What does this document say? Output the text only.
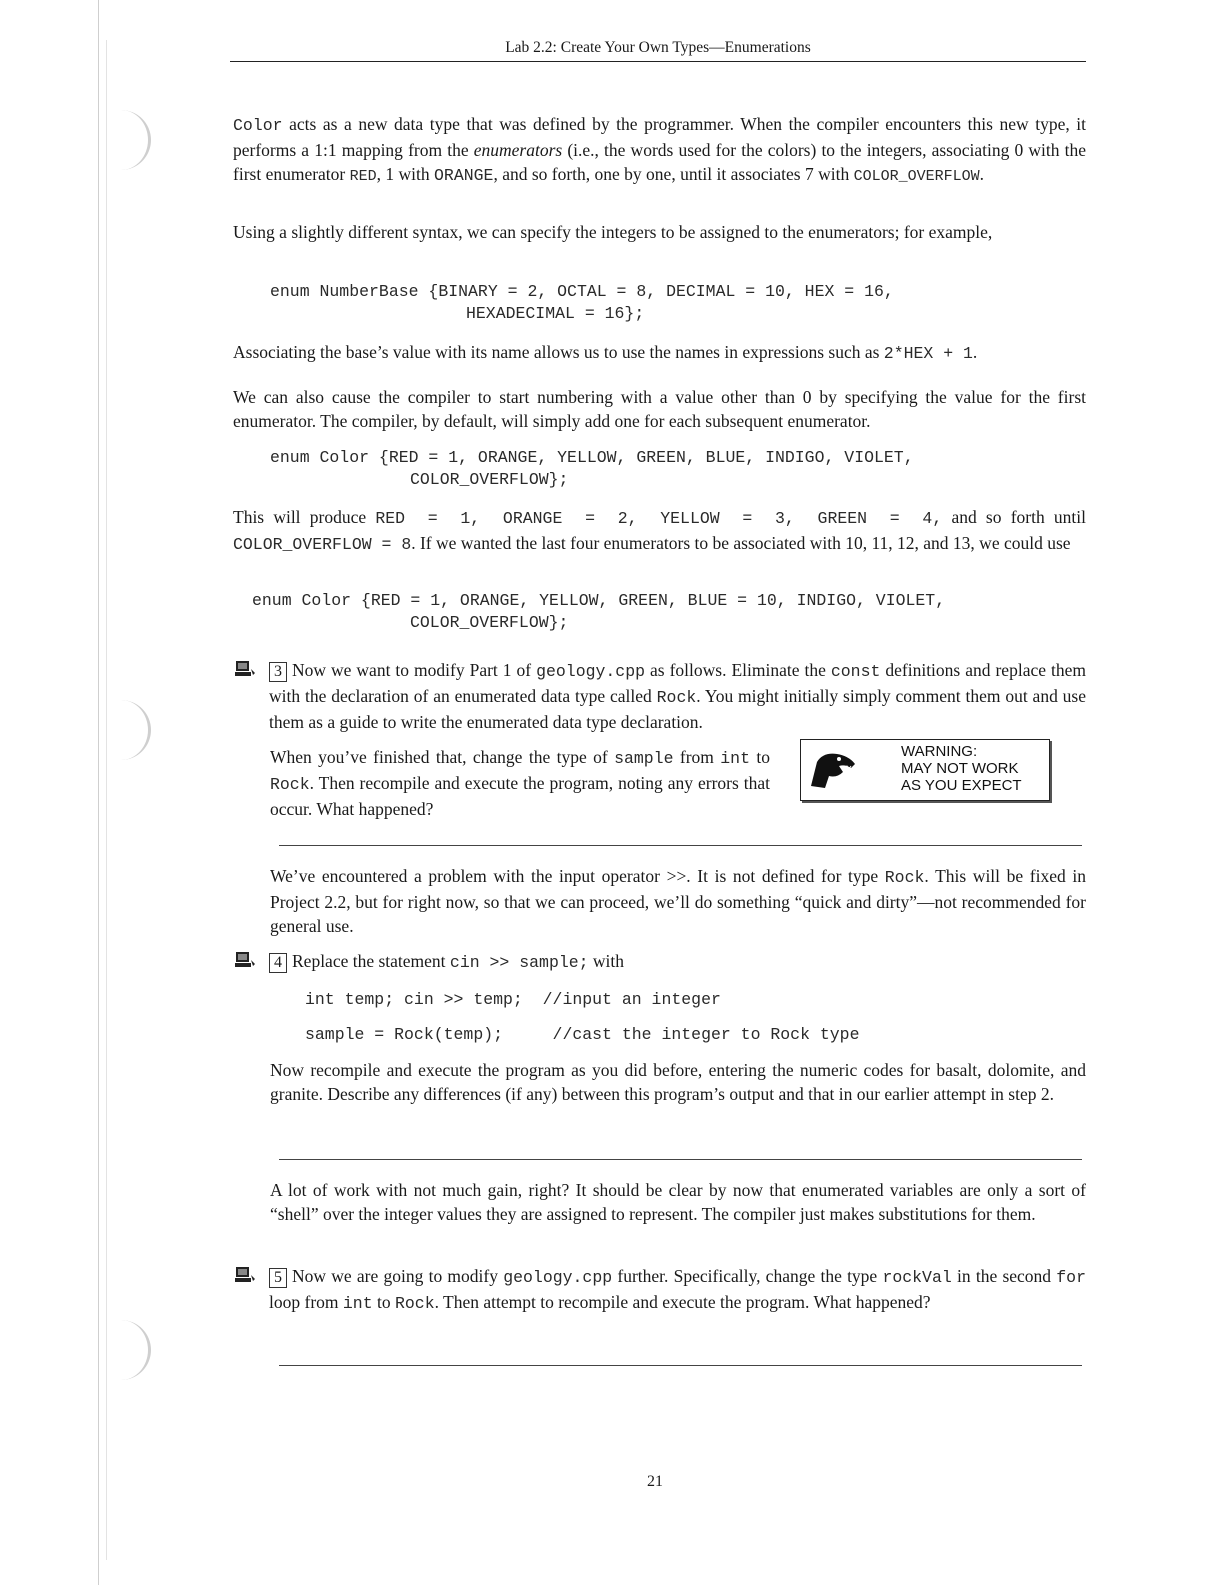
Lab 2.2: Create Your Own Types—Enumerations

Color acts as a new data type that was defined by the programmer. When the compiler encounters this new type, it performs a 1:1 mapping from the enumerators (i.e., the words used for the colors) to the integers, associating 0 with the first enumerator RED, 1 with ORANGE, and so forth, one by one, until it associates 7 with COLOR_OVERFLOW.

Using a slightly different syntax, we can specify the integers to be assigned to the enumerators; for example,

enum NumberBase {BINARY = 2, OCTAL = 8, DECIMAL = 10, HEX = 16,
HEXADECIMAL = 16};

Associating the base’s value with its name allows us to use the names in expressions such as 2*HEX + 1.

We can also cause the compiler to start numbering with a value other than 0 by specifying the value for the first enumerator. The compiler, by default, will simply add one for each subsequent enumerator.

enum Color {RED = 1, ORANGE, YELLOW, GREEN, BLUE, INDIGO, VIOLET,
COLOR_OVERFLOW};

This will produce RED = 1, ORANGE = 2, YELLOW = 3, GREEN = 4, and so forth until COLOR_OVERFLOW = 8. If we wanted the last four enumerators to be associated with 10, 11, 12, and 13, we could use

enum Color {RED = 1, ORANGE, YELLOW, GREEN, BLUE = 10, INDIGO, VIOLET,
COLOR_OVERFLOW};

3 Now we want to modify Part 1 of geology.cpp as follows. Eliminate the const definitions and replace them with the declaration of an enumerated data type called Rock. You might initially simply comment them out and use them as a guide to write the enumerated data type declaration.

When you’ve finished that, change the type of sample from int to Rock. Then recompile and execute the program, noting any errors that occur. What happened?

WARNING:
MAY NOT WORK
AS YOU EXPECT

We’ve encountered a problem with the input operator >>. It is not defined for type Rock. This will be fixed in Project 2.2, but for right now, so that we can proceed, we’ll do something “quick and dirty”—not recommended for general use.

4 Replace the statement cin >> sample; with

int temp; cin >> temp;  //input an integer
sample = Rock(temp);     //cast the integer to Rock type

Now recompile and execute the program as you did before, entering the numeric codes for basalt, dolomite, and granite. Describe any differences (if any) between this program’s output and that in our earlier attempt in step 2.

A lot of work with not much gain, right? It should be clear by now that enumerated variables are only a sort of “shell” over the integer values they are assigned to represent. The compiler just makes substitutions for them.

5 Now we are going to modify geology.cpp further. Specifically, change the type rockVal in the second for loop from int to Rock. Then attempt to recompile and execute the program. What happened?

21
